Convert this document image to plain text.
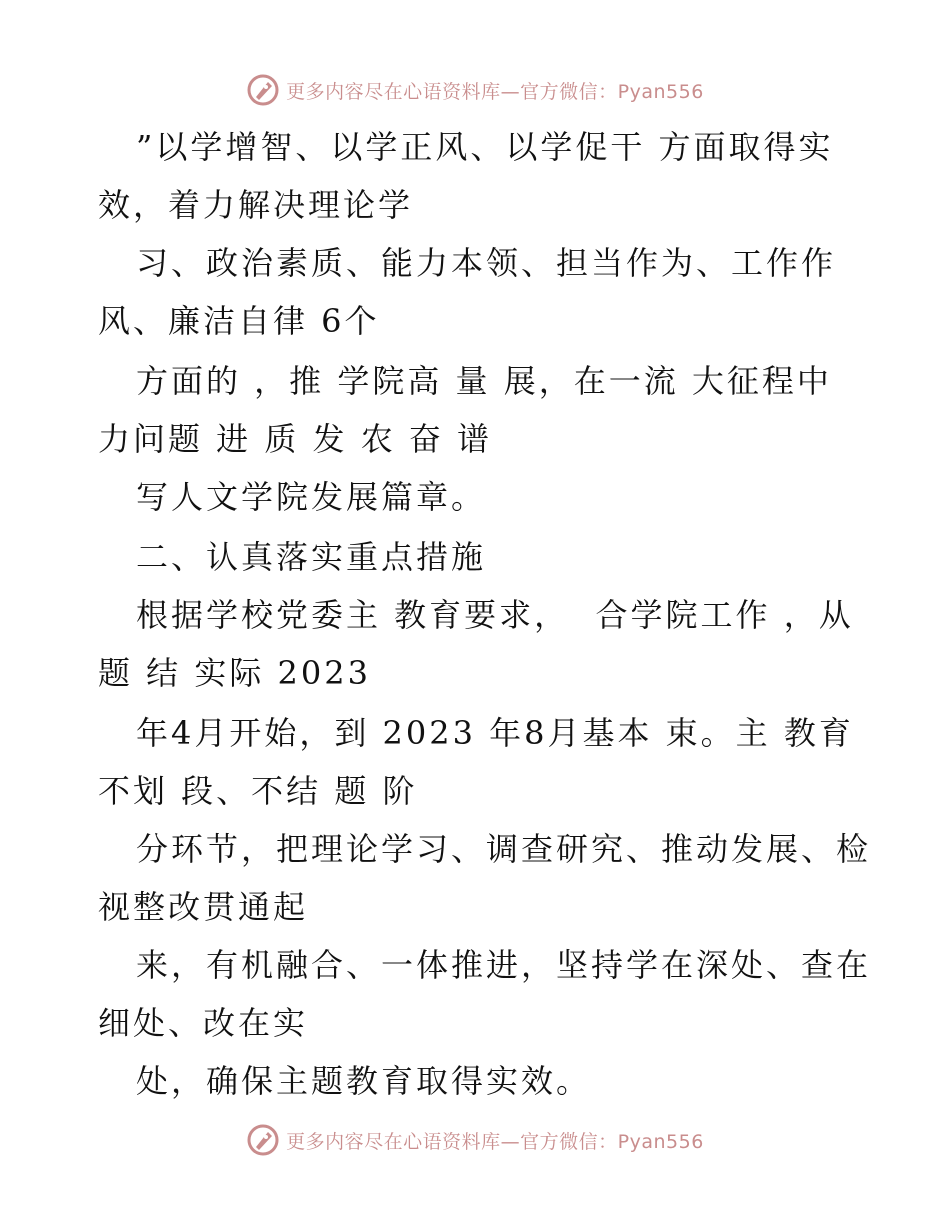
更多内容尽在心语资料库—官方微信：Pyan556
”以学增智、以学正风、以学促干 方面取得实
效，着力解决理论学
习、政治素质、能力本领、担当作为、工作作
风、廉洁自律 6个
方面的 ，推 学院高 量 展，在一流 大征程中
力问题 进 质 发 农 奋 谱
写人文学院发展篇章。
二、认真落实重点措施
根据学校党委主 教育要求，  合学院工作 ，从
题 结 实际 2023
年4月开始，到 2023 年8月基本 束。主 教育
不划 段、不结 题 阶
分环节，把理论学习、调查研究、推动发展、检
视整改贯通起
来，有机融合、一体推进，坚持学在深处、查在
细处、改在实
处，确保主题教育取得实效。
更多内容尽在心语资料库—官方微信：Pyan556
